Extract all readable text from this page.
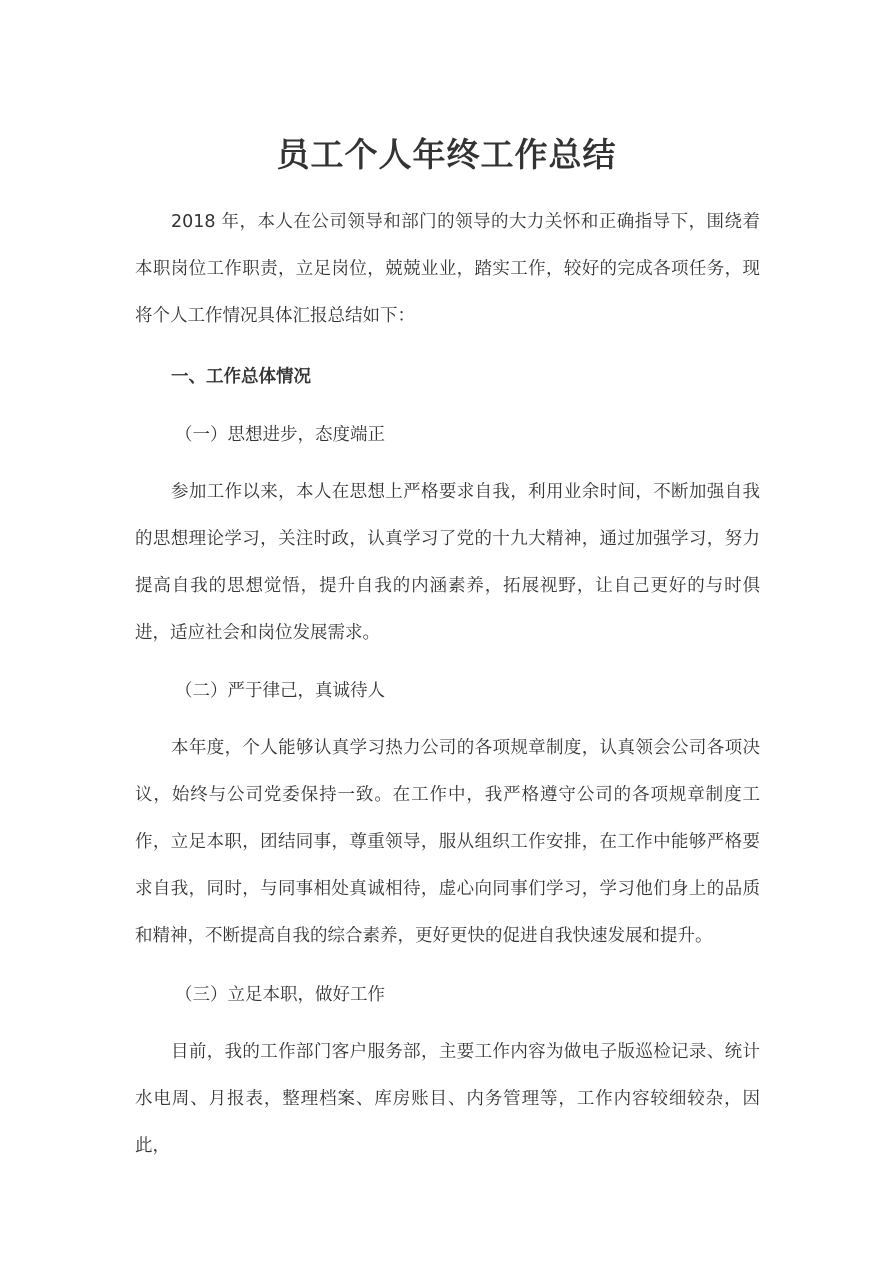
员工个人年终工作总结

2018 年，本人在公司领导和部门的领导的大力关怀和正确指导下，围绕着本职岗位工作职责，立足岗位，兢兢业业，踏实工作，较好的完成各项任务，现将个人工作情况具体汇报总结如下：

一、工作总体情况

（一）思想进步，态度端正

参加工作以来，本人在思想上严格要求自我，利用业余时间，不断加强自我的思想理论学习，关注时政，认真学习了党的十九大精神，通过加强学习，努力提高自我的思想觉悟，提升自我的内涵素养，拓展视野，让自己更好的与时俱进，适应社会和岗位发展需求。

（二）严于律己，真诚待人

本年度，个人能够认真学习热力公司的各项规章制度，认真领会公司各项决议，始终与公司党委保持一致。在工作中，我严格遵守公司的各项规章制度工作，立足本职，团结同事，尊重领导，服从组织工作安排，在工作中能够严格要求自我，同时，与同事相处真诚相待，虚心向同事们学习，学习他们身上的品质和精神，不断提高自我的综合素养，更好更快的促进自我快速发展和提升。

（三）立足本职，做好工作

目前，我的工作部门客户服务部，主要工作内容为做电子版巡检记录、统计水电周、月报表，整理档案、库房账目、内务管理等，工作内容较细较杂，因此，
